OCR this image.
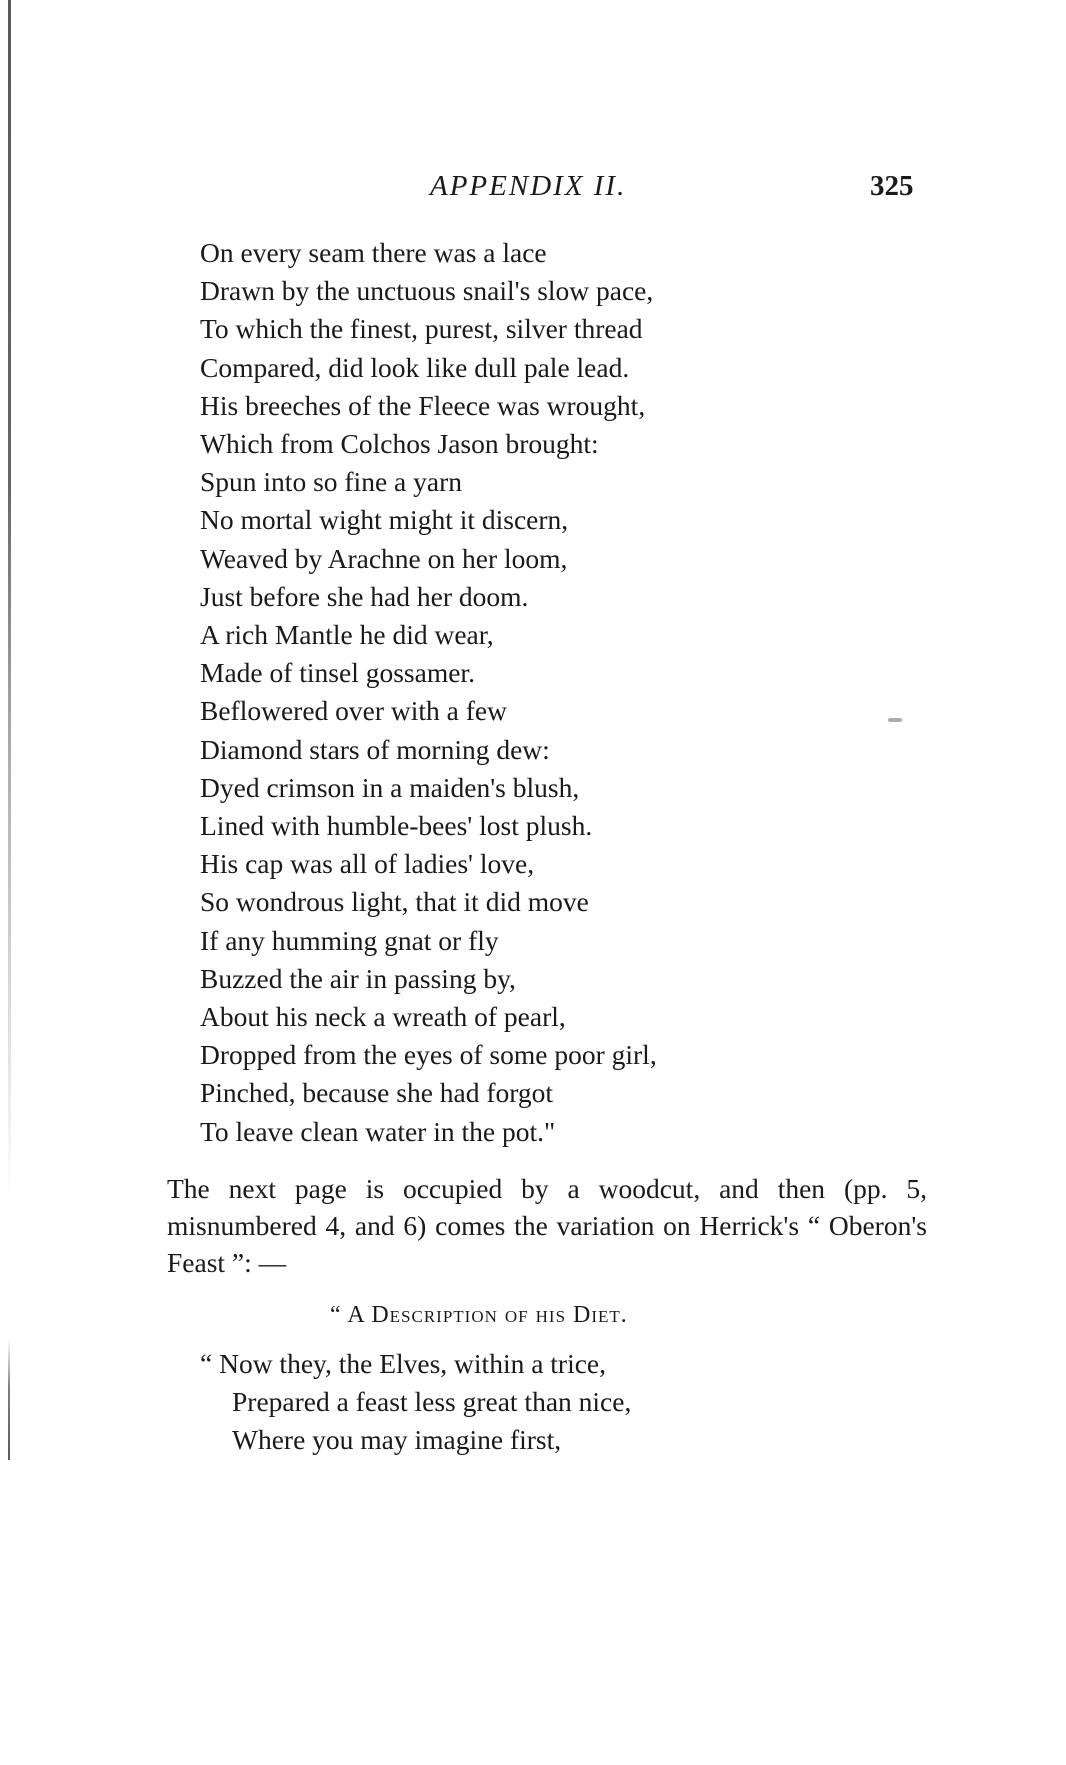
APPENDIX II.	325
On every seam there was a lace
Drawn by the unctuous snail's slow pace,
To which the finest, purest, silver thread
Compared, did look like dull pale lead.
His breeches of the Fleece was wrought,
Which from Colchos Jason brought:
Spun into so fine a yarn
No mortal wight might it discern,
Weaved by Arachne on her loom,
Just before she had her doom.
A rich Mantle he did wear,
Made of tinsel gossamer.
Beflowered over with a few
Diamond stars of morning dew:
Dyed crimson in a maiden's blush,
Lined with humble-bees' lost plush.
His cap was all of ladies' love,
So wondrous light, that it did move
If any humming gnat or fly
Buzzed the air in passing by,
About his neck a wreath of pearl,
Dropped from the eyes of some poor girl,
Pinched, because she had forgot
To leave clean water in the pot."
The next page is occupied by a woodcut, and then (pp. 5, misnumbered 4, and 6) comes the variation on Herrick's “ Oberon's Feast ”: —
“ A Description of his Diet.
“ Now they, the Elves, within a trice,
Prepared a feast less great than nice,
Where you may imagine first,
